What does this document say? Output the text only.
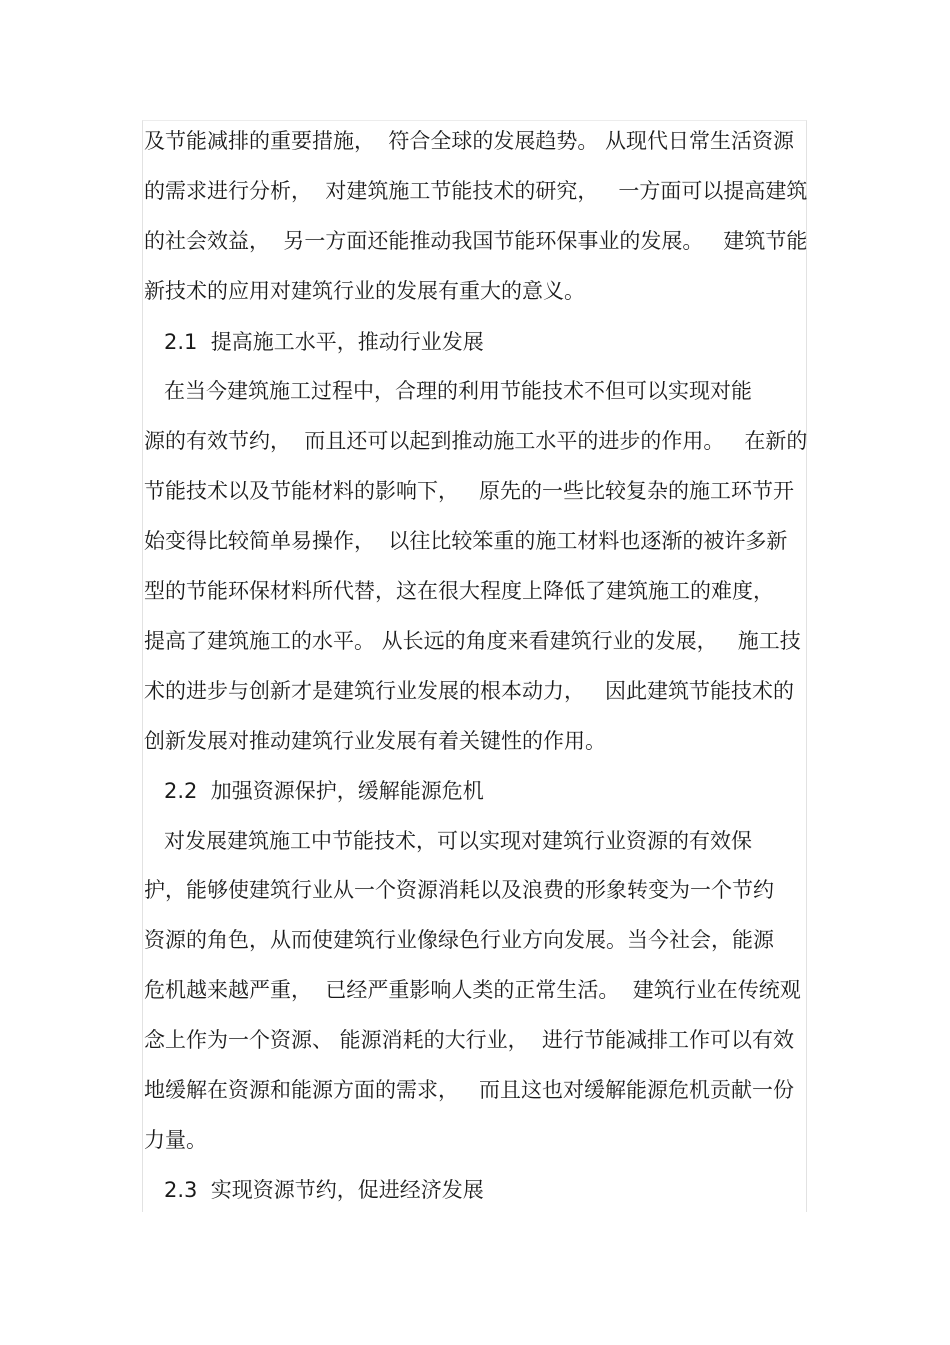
及节能减排的重要措施，  符合全球的发展趋势。 从现代日常生活资源
的需求进行分析，  对建筑施工节能技术的研究，   一方面可以提高建筑
的社会效益，  另一方面还能推动我国节能环保事业的发展。   建筑节能
新技术的应用对建筑行业的发展有重大的意义。
2.1  提高施工水平，推动行业发展
在当今建筑施工过程中，合理的利用节能技术不但可以实现对能
源的有效节约，  而且还可以起到推动施工水平的进步的作用。   在新的
节能技术以及节能材料的影响下，   原先的一些比较复杂的施工环节开
始变得比较简单易操作，  以往比较笨重的施工材料也逐渐的被许多新
型的节能环保材料所代替，这在很大程度上降低了建筑施工的难度，
提高了建筑施工的水平。 从长远的角度来看建筑行业的发展，   施工技
术的进步与创新才是建筑行业发展的根本动力，   因此建筑节能技术的
创新发展对推动建筑行业发展有着关键性的作用。
2.2  加强资源保护，缓解能源危机
对发展建筑施工中节能技术，可以实现对建筑行业资源的有效保
护，能够使建筑行业从一个资源消耗以及浪费的形象转变为一个节约
资源的角色，从而使建筑行业像绿色行业方向发展。当今社会，能源
危机越来越严重，  已经严重影响人类的正常生活。  建筑行业在传统观
念上作为一个资源、 能源消耗的大行业，  进行节能减排工作可以有效
地缓解在资源和能源方面的需求，   而且这也对缓解能源危机贡献一份
力量。
2.3  实现资源节约，促进经济发展
